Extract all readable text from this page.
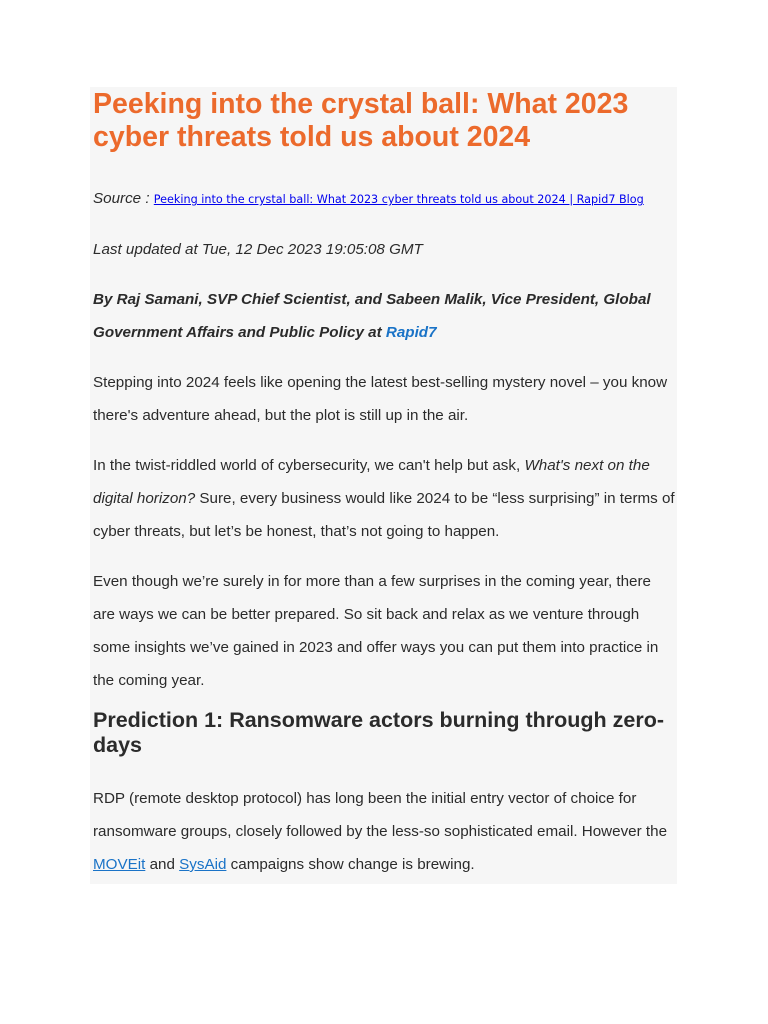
Peeking into the crystal ball: What 2023 cyber threats told us about 2024

Source : Peeking into the crystal ball: What 2023 cyber threats told us about 2024 | Rapid7 Blog

Last updated at Tue, 12 Dec 2023 19:05:08 GMT

By Raj Samani, SVP Chief Scientist, and Sabeen Malik, Vice President, Global Government Affairs and Public Policy at Rapid7

Stepping into 2024 feels like opening the latest best-selling mystery novel – you know there's adventure ahead, but the plot is still up in the air.

In the twist-riddled world of cybersecurity, we can't help but ask, What's next on the digital horizon? Sure, every business would like 2024 to be “less surprising” in terms of cyber threats, but let’s be honest, that’s not going to happen.

Even though we’re surely in for more than a few surprises in the coming year, there are ways we can be better prepared. So sit back and relax as we venture through some insights we’ve gained in 2023 and offer ways you can put them into practice in the coming year.

Prediction 1: Ransomware actors burning through zero-days

RDP (remote desktop protocol) has long been the initial entry vector of choice for ransomware groups, closely followed by the less-so sophisticated email. However the MOVEit and SysAid campaigns show change is brewing.
